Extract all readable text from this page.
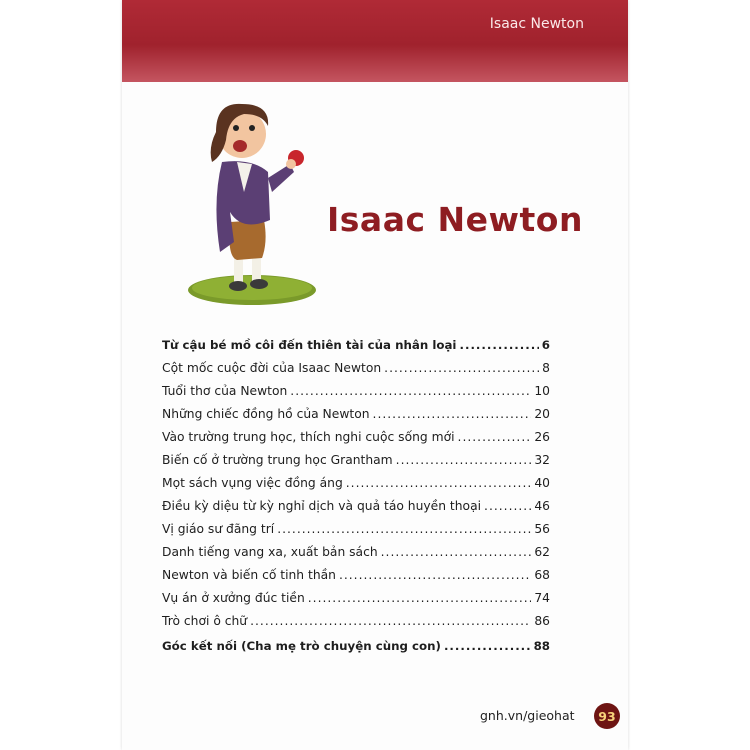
Isaac Newton
Isaac Newton
Từ cậu bé mồ côi đến thiên tài của nhân loại .....	6
Cột mốc cuộc đời của Isaac Newton .....	8
Tuổi thơ của Newton .....	10
Những chiếc đồng hồ của Newton .....	20
Vào trường trung học, thích nghi cuộc sống mới .....	26
Biến cố ở trường trung học Grantham .....	32
Mọt sách vụng việc đồng áng .....	40
Điều kỳ diệu từ kỳ nghỉ dịch và quả táo huyền thoại .....	46
Vị giáo sư đãng trí .....	56
Danh tiếng vang xa, xuất bản sách .....	62
Newton và biến cố tinh thần .....	68
Vụ án ở xưởng đúc tiền .....	74
Trò chơi ô chữ .....	86
Góc kết nối (Cha mẹ trò chuyện cùng con) .....	88
gnh.vn/gieohat	93
